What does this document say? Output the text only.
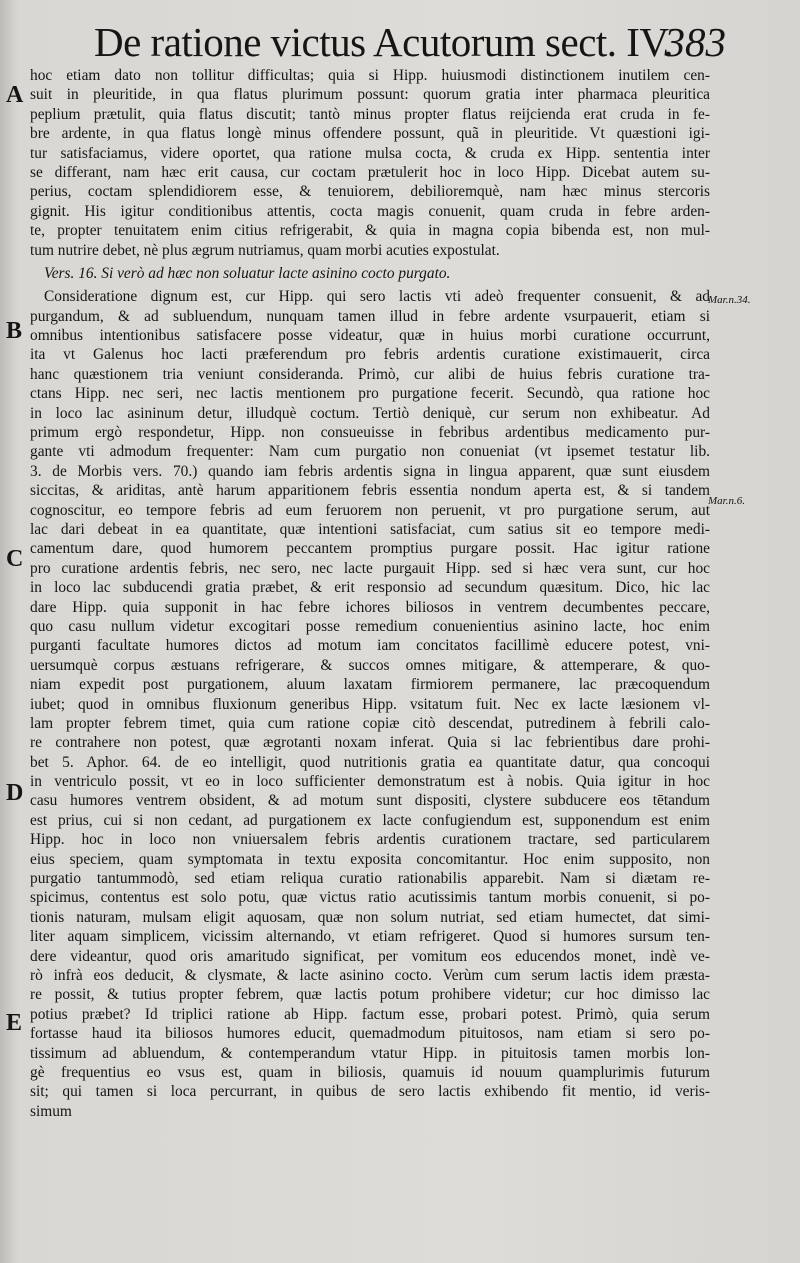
De ratione victus Acutorum sect. IV.
383
A
B
C
D
E
Mar.n.34.
Mar.n.6.
hoc etiam dato non tollitur difficultas; quia si Hipp. huiusmodi distinctionem inutilem cen-
suit in pleuritide, in qua flatus plurimum possunt: quorum gratia inter pharmaca pleuritica
peplium prætulit, quia flatus discutit; tantò minus propter flatus reijcienda erat cruda in fe-
bre ardente, in qua flatus longè minus offendere possunt, quã in pleuritide. Vt quæstioni igi-
tur satisfaciamus, videre oportet, qua ratione mulsa cocta, & cruda ex Hipp. sententia inter
se differant, nam hæc erit causa, cur coctam prætulerit hoc in loco Hipp. Dicebat autem su-
perius, coctam splendidiorem esse, & tenuiorem, debilioremquè, nam hæc minus stercoris
gignit. His igitur conditionibus attentis, cocta magis conuenit, quam cruda in febre arden-
te, propter tenuitatem enim citius refrigerabit, & quia in magna copia bibenda est, non mul-
tum nutrire debet, nè plus ægrum nutriamus, quam morbi acuties expostulat.
Vers. 16. Si verò ad hæc non soluatur lacte asinino cocto purgato.
Consideratione dignum est, cur Hipp. qui sero lactis vti adeò frequenter consuenit, & ad
purgandum, & ad subluendum, nunquam tamen illud in febre ardente vsurpauerit, etiam si
omnibus intentionibus satisfacere posse videatur, quæ in huius morbi curatione occurrunt,
ita vt Galenus hoc lacti præferendum pro febris ardentis curatione existimauerit, circa
hanc quæstionem tria veniunt consideranda. Primò, cur alibi de huius febris curatione tra-
ctans Hipp. nec seri, nec lactis mentionem pro purgatione fecerit. Secundò, qua ratione hoc
in loco lac asininum detur, illudquè coctum. Tertiò deniquè, cur serum non exhibeatur. Ad
primum ergò respondetur, Hipp. non consueuisse in febribus ardentibus medicamento pur-
gante vti admodum frequenter: Nam cum purgatio non conueniat (vt ipsemet testatur lib.
3. de Morbis vers. 70.) quando iam febris ardentis signa in lingua apparent, quæ sunt eiusdem
siccitas, & ariditas, antè harum apparitionem febris essentia nondum aperta est, & si tandem
cognoscitur, eo tempore febris ad eum feruorem non peruenit, vt pro purgatione serum, aut
lac dari debeat in ea quantitate, quæ intentioni satisfaciat, cum satius sit eo tempore medi-
camentum dare, quod humorem peccantem promptius purgare possit. Hac igitur ratione
pro curatione ardentis febris, nec sero, nec lacte purgauit Hipp. sed si hæc vera sunt, cur hoc
in loco lac subducendi gratia præbet, & erit responsio ad secundum quæsitum. Dico, hic lac
dare Hipp. quia supponit in hac febre ichores biliosos in ventrem decumbentes peccare,
quo casu nullum videtur excogitari posse remedium conuenientius asinino lacte, hoc enim
purganti facultate humores dictos ad motum iam concitatos facillimè educere potest, vni-
uersumquè corpus æstuans refrigerare, & succos omnes mitigare, & attemperare, & quo-
niam expedit post purgationem, aluum laxatam firmiorem permanere, lac præcoquendum
iubet; quod in omnibus fluxionum generibus Hipp. vsitatum fuit. Nec ex lacte læsionem vl-
lam propter febrem timet, quia cum ratione copiæ citò descendat, putredinem à febrili calo-
re contrahere non potest, quæ ægrotanti noxam inferat. Quia si lac febrientibus dare prohi-
bet 5. Aphor. 64. de eo intelligit, quod nutritionis gratia ea quantitate datur, qua concoqui
in ventriculo possit, vt eo in loco sufficienter demonstratum est à nobis. Quia igitur in hoc
casu humores ventrem obsident, & ad motum sunt dispositi, clystere subducere eos tētandum
est prius, cui si non cedant, ad purgationem ex lacte confugiendum est, supponendum est enim
Hipp. hoc in loco non vniuersalem febris ardentis curationem tractare, sed particularem
eius speciem, quam symptomata in textu exposita concomitantur. Hoc enim supposito, non
purgatio tantummodò, sed etiam reliqua curatio rationabilis apparebit. Nam si diætam re-
spicimus, contentus est solo potu, quæ victus ratio acutissimis tantum morbis conuenit, si po-
tionis naturam, mulsam eligit aquosam, quæ non solum nutriat, sed etiam humectet, dat simi-
liter aquam simplicem, vicissim alternando, vt etiam refrigeret. Quod si humores sursum ten-
dere videantur, quod oris amaritudo significat, per vomitum eos educendos monet, indè ve-
rò infrà eos deducit, & clysmate, & lacte asinino cocto. Verùm cum serum lactis idem præsta-
re possit, & tutius propter febrem, quæ lactis potum prohibere videtur; cur hoc dimisso lac
potius præbet? Id triplici ratione ab Hipp. factum esse, probari potest. Primò, quia serum
fortasse haud ita biliosos humores educit, quemadmodum pituitosos, nam etiam si sero po-
tissimum ad abluendum, & contemperandum vtatur Hipp. in pituitosis tamen morbis lon-
gè frequentius eo vsus est, quam in biliosis, quamuis id nouum quamplurimis futurum
sit; qui tamen si loca percurrant, in quibus de sero lactis exhibendo fit mentio, id veris-
simum
